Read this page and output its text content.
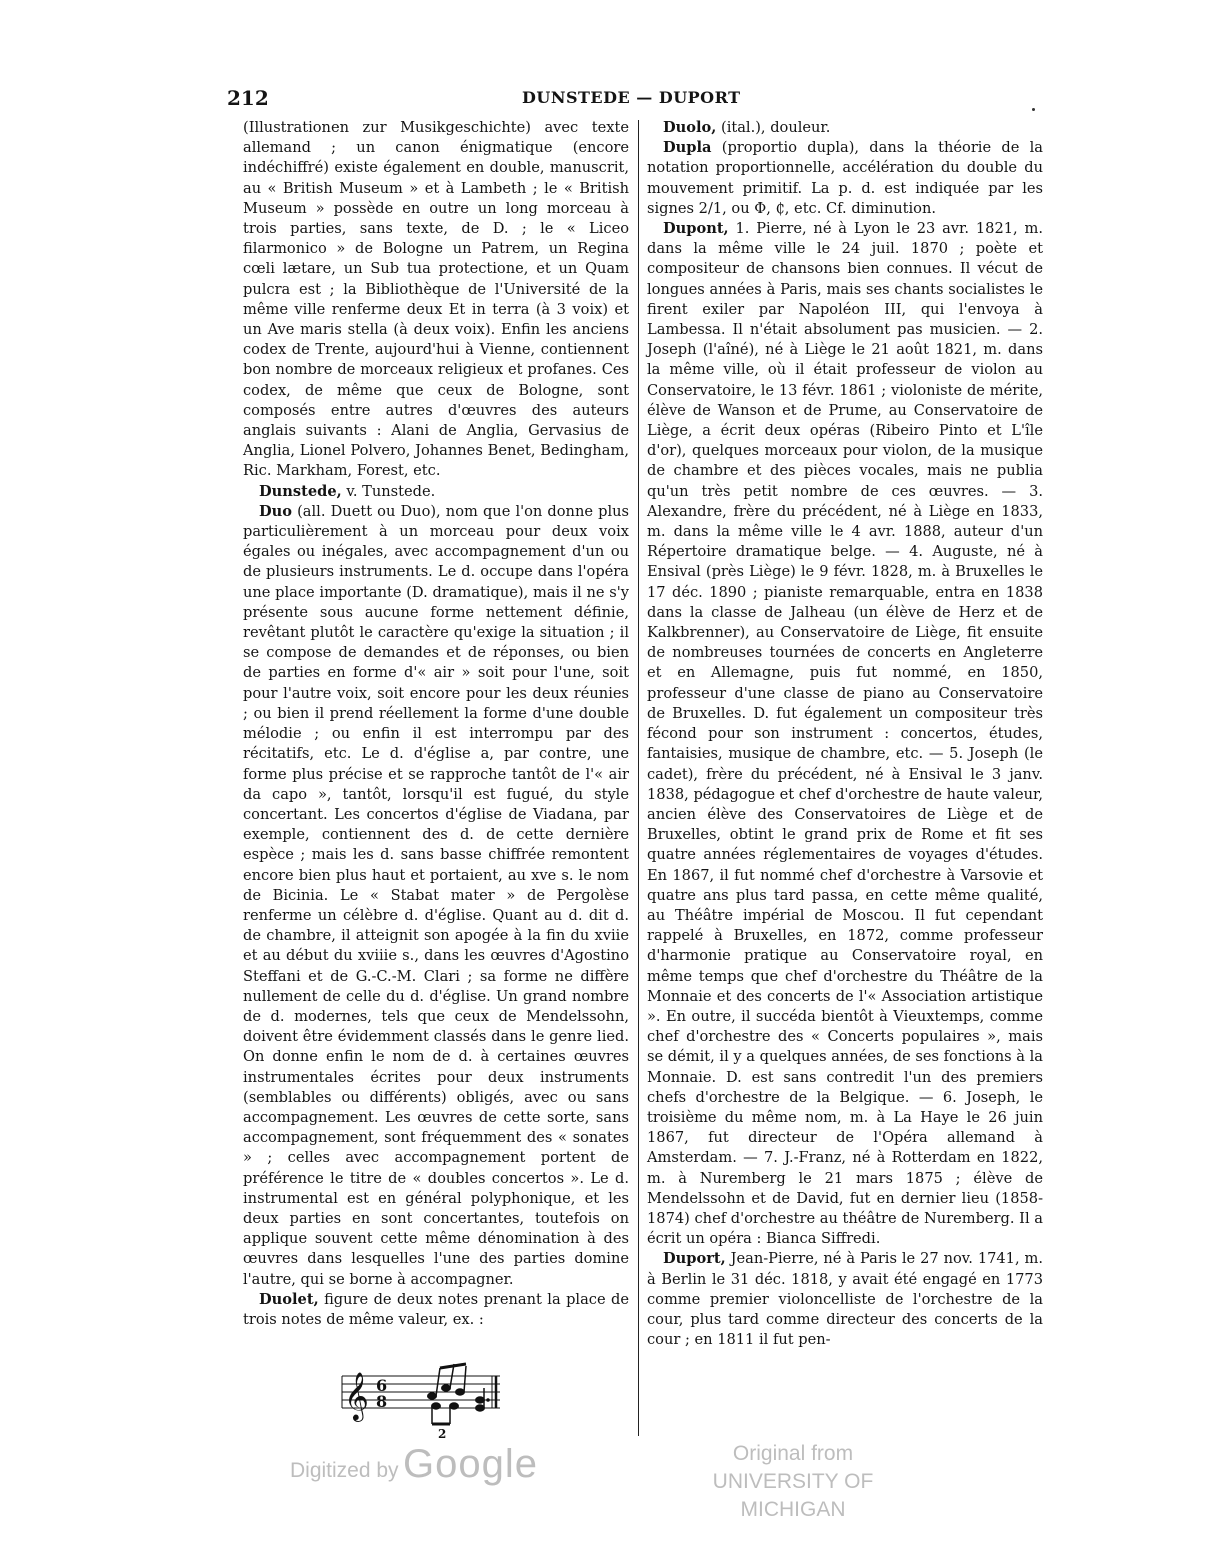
212	DUNSTEDE — DUPORT

(Illustrationen zur Musikgeschichte) avec texte allemand ; un canon énigmatique (encore indéchiffré) existe également en double, manuscrit, au « British Museum » et à Lambeth ; le « British Museum » possède en outre un long morceau à trois parties, sans texte, de D. ; le « Liceo filarmonico » de Bologne un Patrem, un Regina cœli lætare, un Sub tua protectione, et un Quam pulcra est ; la Bibliothèque de l'Université de la même ville renferme deux Et in terra (à 3 voix) et un Ave maris stella (à deux voix). Enfin les anciens codex de Trente, aujourd'hui à Vienne, contiennent bon nombre de morceaux religieux et profanes. Ces codex, de même que ceux de Bologne, sont composés entre autres d'œuvres des auteurs anglais suivants : Alani de Anglia, Gervasius de Anglia, Lionel Polvero, Johannes Benet, Bedingham, Ric. Markham, Forest, etc.

Dunstede, v. Tunstede.

Duo (all. Duett ou Duo), nom que l'on donne plus particulièrement à un morceau pour deux voix égales ou inégales, avec accompagnement d'un ou de plusieurs instruments. Le d. occupe dans l'opéra une place importante (D. dramatique), mais il ne s'y présente sous aucune forme nettement définie, revêtant plutôt le caractère qu'exige la situation ; il se compose de demandes et de réponses, ou bien de parties en forme d'« air » soit pour l'une, soit pour l'autre voix, soit encore pour les deux réunies ; ou bien il prend réellement la forme d'une double mélodie ; ou enfin il est interrompu par des récitatifs, etc. Le d. d'église a, par contre, une forme plus précise et se rapproche tantôt de l'« air da capo », tantôt, lorsqu'il est fugué, du style concertant. Les concertos d'église de Viadana, par exemple, contiennent des d. de cette dernière espèce ; mais les d. sans basse chiffrée remontent encore bien plus haut et portaient, au xve s. le nom de Bicinia. Le « Stabat mater » de Pergolèse renferme un célèbre d. d'église. Quant au d. dit d. de chambre, il atteignit son apogée à la fin du xviie et au début du xviiie s., dans les œuvres d'Agostino Steffani et de G.-C.-M. Clari ; sa forme ne diffère nullement de celle du d. d'église. Un grand nombre de d. modernes, tels que ceux de Mendelssohn, doivent être évidemment classés dans le genre lied. On donne enfin le nom de d. à certaines œuvres instrumentales écrites pour deux instruments (semblables ou différents) obligés, avec ou sans accompagnement. Les œuvres de cette sorte, sans accompagnement, sont fréquemment des « sonates » ; celles avec accompagnement portent de préférence le titre de « doubles concertos ». Le d. instrumental est en général polyphonique, et les deux parties en sont concertantes, toutefois on applique souvent cette même dénomination à des œuvres dans lesquelles l'une des parties domine l'autre, qui se borne à accompagner.

Duolet, figure de deux notes prenant la place de trois notes de même valeur, ex. :

Duolo, (ital.), douleur.

Dupla (proportio dupla), dans la théorie de la notation proportionnelle, accélération du double du mouvement primitif. La p. d. est indiquée par les signes 2/1, ou Φ, ₵, etc. Cf. diminution.

Dupont, 1. Pierre, né à Lyon le 23 avr. 1821, m. dans la même ville le 24 juil. 1870 ; poète et compositeur de chansons bien connues. Il vécut de longues années à Paris, mais ses chants socialistes le firent exiler par Napoléon III, qui l'envoya à Lambessa. Il n'était absolument pas musicien. — 2. Joseph (l'aîné), né à Liège le 21 août 1821, m. dans la même ville, où il était professeur de violon au Conservatoire, le 13 févr. 1861 ; violoniste de mérite, élève de Wanson et de Prume, au Conservatoire de Liège, a écrit deux opéras (Ribeiro Pinto et L'île d'or), quelques morceaux pour violon, de la musique de chambre et des pièces vocales, mais ne publia qu'un très petit nombre de ces œuvres. — 3. Alexandre, frère du précédent, né à Liège en 1833, m. dans la même ville le 4 avr. 1888, auteur d'un Répertoire dramatique belge. — 4. Auguste, né à Ensival (près Liège) le 9 févr. 1828, m. à Bruxelles le 17 déc. 1890 ; pianiste remarquable, entra en 1838 dans la classe de Jalheau (un élève de Herz et de Kalkbrenner), au Conservatoire de Liège, fit ensuite de nombreuses tournées de concerts en Angleterre et en Allemagne, puis fut nommé, en 1850, professeur d'une classe de piano au Conservatoire de Bruxelles. D. fut également un compositeur très fécond pour son instrument : concertos, études, fantaisies, musique de chambre, etc. — 5. Joseph (le cadet), frère du précédent, né à Ensival le 3 janv. 1838, pédagogue et chef d'orchestre de haute valeur, ancien élève des Conservatoires de Liège et de Bruxelles, obtint le grand prix de Rome et fit ses quatre années réglementaires de voyages d'études. En 1867, il fut nommé chef d'orchestre à Varsovie et quatre ans plus tard passa, en cette même qualité, au Théâtre impérial de Moscou. Il fut cependant rappelé à Bruxelles, en 1872, comme professeur d'harmonie pratique au Conservatoire royal, en même temps que chef d'orchestre du Théâtre de la Monnaie et des concerts de l'« Association artistique ». En outre, il succéda bientôt à Vieuxtemps, comme chef d'orchestre des « Concerts populaires », mais se démit, il y a quelques années, de ses fonctions à la Monnaie. D. est sans contredit l'un des premiers chefs d'orchestre de la Belgique. — 6. Joseph, le troisième du même nom, m. à La Haye le 26 juin 1867, fut directeur de l'Opéra allemand à Amsterdam. — 7. J.-Franz, né à Rotterdam en 1822, m. à Nuremberg le 21 mars 1875 ; élève de Mendelssohn et de David, fut en dernier lieu (1858-1874) chef d'orchestre au théâtre de Nuremberg. Il a écrit un opéra : Bianca Siffredi.

Duport, Jean-Pierre, né à Paris le 27 nov. 1741, m. à Berlin le 31 déc. 1818, y avait été engagé en 1773 comme premier violoncelliste de l'orchestre de la cour, plus tard comme directeur des concerts de la cour ; en 1811 il fut pen-

𝄞 6
8
2
Digitized by Google	Original from
UNIVERSITY OF MICHIGAN
